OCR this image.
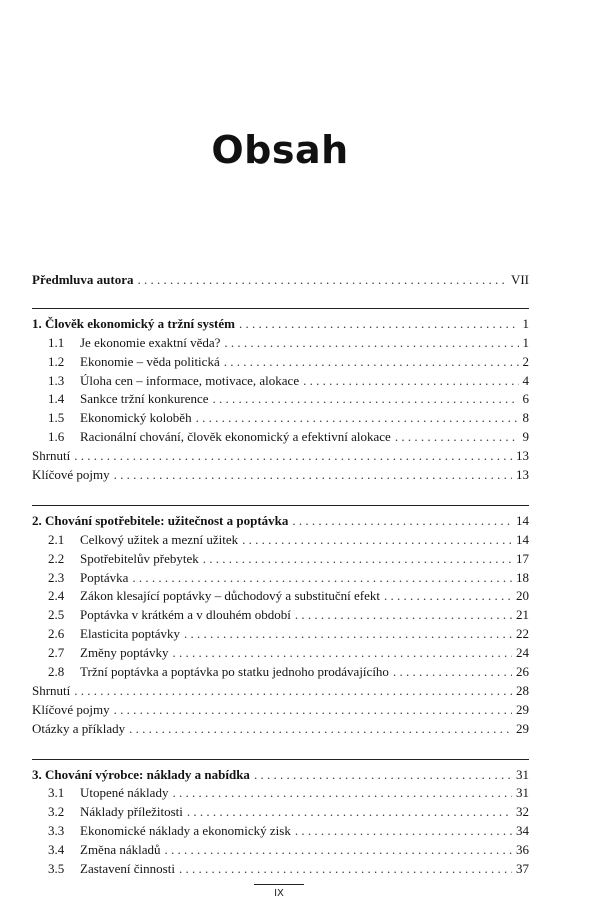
Obsah
Předmluva autora . . .	VII
1. Člověk ekonomický a tržní systém . . .	1
1.1	Je ekonomie exaktní věda? . . .	1
1.2	Ekonomie – věda politická . . .	2
1.3	Úloha cen – informace, motivace, alokace . . .	4
1.4	Sankce tržní konkurence . . .	6
1.5	Ekonomický koloběh . . .	8
1.6	Racionální chování, člověk ekonomický a efektivní alokace . . .	9
Shrnutí . . .	13
Klíčové pojmy . . .	13
2. Chování spotřebitele: užitečnost a poptávka . . .	14
2.1	Celkový užitek a mezní užitek . . .	14
2.2	Spotřebitelův přebytek . . .	17
2.3	Poptávka . . .	18
2.4	Zákon klesající poptávky – důchodový a substituční efekt . . .	20
2.5	Poptávka v krátkém a v dlouhém období . . .	21
2.6	Elasticita poptávky . . .	22
2.7	Změny poptávky . . .	24
2.8	Tržní poptávka a poptávka po statku jednoho prodávajícího . . .	26
Shrnutí . . .	28
Klíčové pojmy . . .	29
Otázky a příklady . . .	29
3. Chování výrobce: náklady a nabídka . . .	31
3.1	Utopené náklady . . .	31
3.2	Náklady příležitosti . . .	32
3.3	Ekonomické náklady a ekonomický zisk . . .	34
3.4	Změna nákladů . . .	36
3.5	Zastavení činnosti . . .	37
IX
